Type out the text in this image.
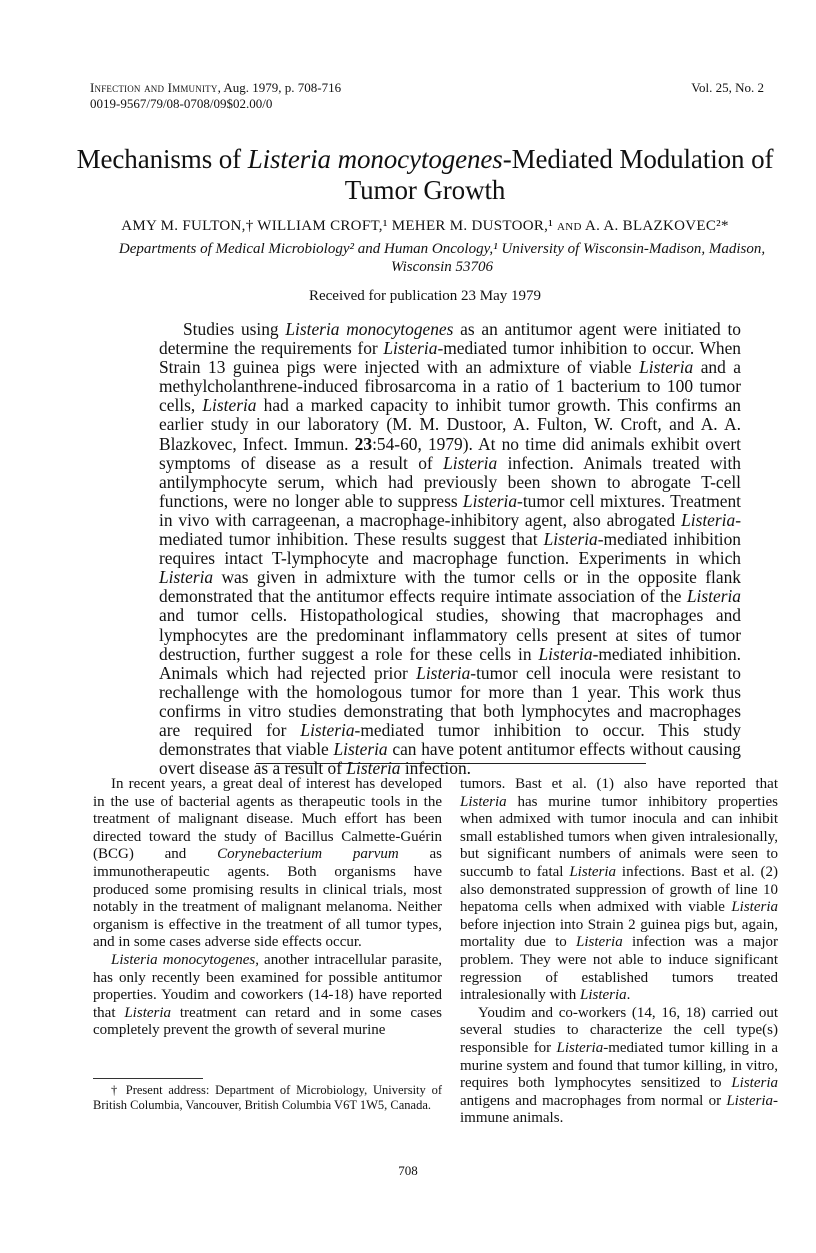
Infection and Immunity, Aug. 1979, p. 708-716
0019-9567/79/08-0708/09$02.00/0
Vol. 25, No. 2
Mechanisms of Listeria monocytogenes-Mediated Modulation of Tumor Growth
AMY M. FULTON,† WILLIAM CROFT,¹ MEHER M. DUSTOOR,¹ and A. A. BLAZKOVEC²*
Departments of Medical Microbiology² and Human Oncology,¹ University of Wisconsin-Madison, Madison, Wisconsin 53706
Received for publication 23 May 1979

Studies using Listeria monocytogenes as an antitumor agent were initiated to determine the requirements for Listeria-mediated tumor inhibition to occur. When Strain 13 guinea pigs were injected with an admixture of viable Listeria and a methylcholanthrene-induced fibrosarcoma in a ratio of 1 bacterium to 100 tumor cells, Listeria had a marked capacity to inhibit tumor growth. This confirms an earlier study in our laboratory (M. M. Dustoor, A. Fulton, W. Croft, and A. A. Blazkovec, Infect. Immun. 23:54-60, 1979). At no time did animals exhibit overt symptoms of disease as a result of Listeria infection. Animals treated with antilymphocyte serum, which had previously been shown to abrogate T-cell functions, were no longer able to suppress Listeria-tumor cell mixtures. Treatment in vivo with carrageenan, a macrophage-inhibitory agent, also abrogated Listeria-mediated tumor inhibition. These results suggest that Listeria-mediated inhibition requires intact T-lymphocyte and macrophage function. Experiments in which Listeria was given in admixture with the tumor cells or in the opposite flank demonstrated that the antitumor effects require intimate association of the Listeria and tumor cells. Histopathological studies, showing that macrophages and lymphocytes are the predominant inflammatory cells present at sites of tumor destruction, further suggest a role for these cells in Listeria-mediated inhibition. Animals which had rejected prior Listeria-tumor cell inocula were resistant to rechallenge with the homologous tumor for more than 1 year. This work thus confirms in vitro studies demonstrating that both lymphocytes and macrophages are required for Listeria-mediated tumor inhibition to occur. This study demonstrates that viable Listeria can have potent antitumor effects without causing overt disease as a result of Listeria infection.

In recent years, a great deal of interest has developed in the use of bacterial agents as therapeutic tools in the treatment of malignant disease. Much effort has been directed toward the study of Bacillus Calmette-Guérin (BCG) and Corynebacterium parvum as immunotherapeutic agents. Both organisms have produced some promising results in clinical trials, most notably in the treatment of malignant melanoma. Neither organism is effective in the treatment of all tumor types, and in some cases adverse side effects occur.

Listeria monocytogenes, another intracellular parasite, has only recently been examined for possible antitumor properties. Youdim and coworkers (14-18) have reported that Listeria treatment can retard and in some cases completely prevent the growth of several murine

tumors. Bast et al. (1) also have reported that Listeria has murine tumor inhibitory properties when admixed with tumor inocula and can inhibit small established tumors when given intralesionally, but significant numbers of animals were seen to succumb to fatal Listeria infections. Bast et al. (2) also demonstrated suppression of growth of line 10 hepatoma cells when admixed with viable Listeria before injection into Strain 2 guinea pigs but, again, mortality due to Listeria infection was a major problem. They were not able to induce significant regression of established tumors treated intralesionally with Listeria.

Youdim and co-workers (14, 16, 18) carried out several studies to characterize the cell type(s) responsible for Listeria-mediated tumor killing in a murine system and found that tumor killing, in vitro, requires both lymphocytes sensitized to Listeria antigens and macrophages from normal or Listeria-immune animals.

† Present address: Department of Microbiology, University of British Columbia, Vancouver, British Columbia V6T 1W5, Canada.

708
